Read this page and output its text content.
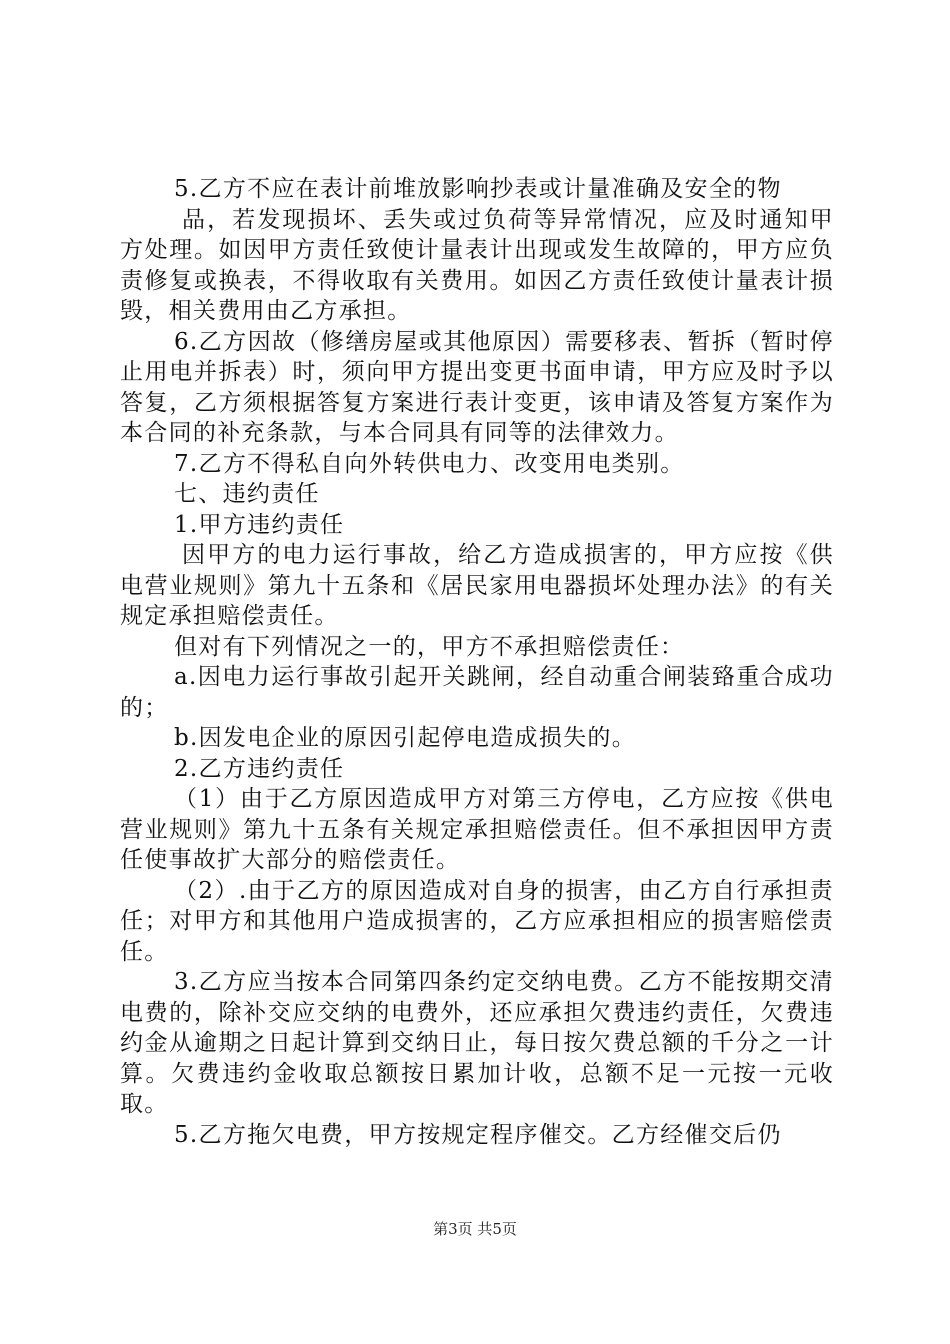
5.乙方不应在表计前堆放影响抄表或计量准确及安全的物

品，若发现损坏、丢失或过负荷等异常情况，应及时通知甲方处理。如因甲方责任致使计量表计出现或发生故障的，甲方应负责修复或换表，不得收取有关费用。如因乙方责任致使计量表计损毁，相关费用由乙方承担。

6.乙方因故（修缮房屋或其他原因）需要移表、暂拆（暂时停止用电并拆表）时，须向甲方提出变更书面申请，甲方应及时予以答复，乙方须根据答复方案进行表计变更，该申请及答复方案作为本合同的补充条款，与本合同具有同等的法律效力。

7.乙方不得私自向外转供电力、改变用电类别。

七、违约责任

1.甲方违约责任

因甲方的电力运行事故，给乙方造成损害的，甲方应按《供电营业规则》第九十五条和《居民家用电器损坏处理办法》的有关规定承担赔偿责任。

但对有下列情况之一的，甲方不承担赔偿责任：

a.因电力运行事故引起开关跳闸，经自动重合闸装臵重合成功的；

b.因发电企业的原因引起停电造成损失的。

2.乙方违约责任

（1）由于乙方原因造成甲方对第三方停电，乙方应按《供电营业规则》第九十五条有关规定承担赔偿责任。但不承担因甲方责任使事故扩大部分的赔偿责任。

（2）.由于乙方的原因造成对自身的损害，由乙方自行承担责任；对甲方和其他用户造成损害的，乙方应承担相应的损害赔偿责任。

3.乙方应当按本合同第四条约定交纳电费。乙方不能按期交清电费的，除补交应交纳的电费外，还应承担欠费违约责任，欠费违约金从逾期之日起计算到交纳日止，每日按欠费总额的千分之一计算。欠费违约金收取总额按日累加计收，总额不足一元按一元收取。

5.乙方拖欠电费，甲方按规定程序催交。乙方经催交后仍

第3页 共5页
